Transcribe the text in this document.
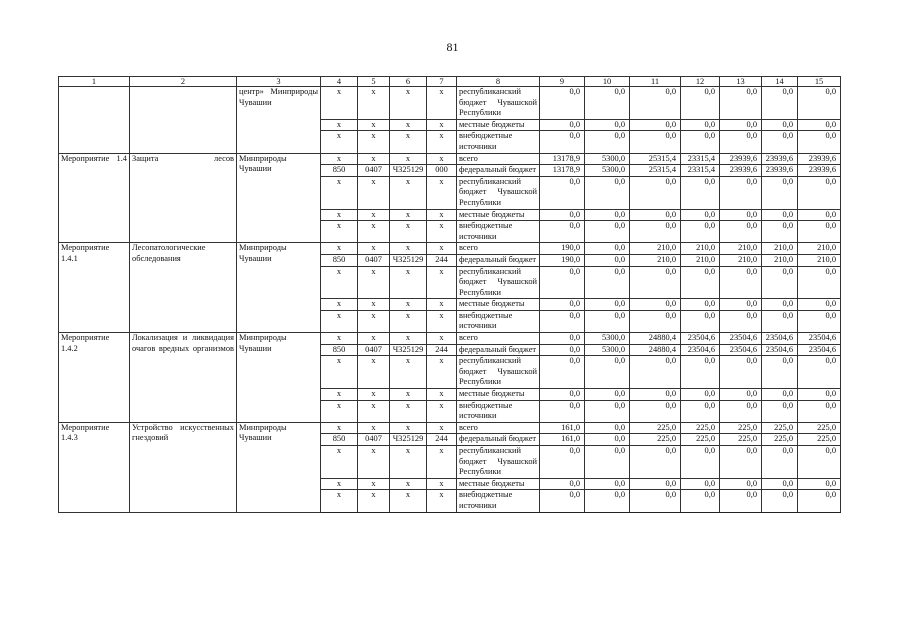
81
1	2	3	4	5	6	7	8	9	10	11	12	13	14	15
		центр» Минприроды Чувашии	х	х	х	х	республиканский бюджет Чувашской Республики	0,0	0,0	0,0	0,0	0,0	0,0	0,0
			х	х	х	х	местные бюджеты	0,0	0,0	0,0	0,0	0,0	0,0	0,0
			х	х	х	х	внебюджетные источники	0,0	0,0	0,0	0,0	0,0	0,0	0,0
Мероприятие 1.4	Защита лесов	Минприроды Чувашии	х	х	х	х	всего	13178,9	5300,0	25315,4	23315,4	23939,6	23939,6	23939,6
			850	0407	Ч325129	000	федеральный бюджет	13178,9	5300,0	25315,4	23315,4	23939,6	23939,6	23939,6
			х	х	х	х	республиканский бюджет Чувашской Республики	0,0	0,0	0,0	0,0	0,0	0,0	0,0
			х	х	х	х	местные бюджеты	0,0	0,0	0,0	0,0	0,0	0,0	0,0
			х	х	х	х	внебюджетные источники	0,0	0,0	0,0	0,0	0,0	0,0	0,0
Мероприятие 1.4.1	Лесопатологические обследования	Минприроды Чувашии	х	х	х	х	всего	190,0	0,0	210,0	210,0	210,0	210,0	210,0
			850	0407	Ч325129	244	федеральный бюджет	190,0	0,0	210,0	210,0	210,0	210,0	210,0
			х	х	х	х	республиканский бюджет Чувашской Республики	0,0	0,0	0,0	0,0	0,0	0,0	0,0
			х	х	х	х	местные бюджеты	0,0	0,0	0,0	0,0	0,0	0,0	0,0
			х	х	х	х	внебюджетные источники	0,0	0,0	0,0	0,0	0,0	0,0	0,0
Мероприятие 1.4.2	Локализация и ликвидация очагов вредных организмов	Минприроды Чувашии	х	х	х	х	всего	0,0	5300,0	24880,4	23504,6	23504,6	23504,6	23504,6
			850	0407	Ч325129	244	федеральный бюджет	0,0	5300,0	24880,4	23504,6	23504,6	23504,6	23504,6
			х	х	х	х	республиканский бюджет Чувашской Республики	0,0	0,0	0,0	0,0	0,0	0,0	0,0
			х	х	х	х	местные бюджеты	0,0	0,0	0,0	0,0	0,0	0,0	0,0
			х	х	х	х	внебюджетные источники	0,0	0,0	0,0	0,0	0,0	0,0	0,0
Мероприятие 1.4.3	Устройство искусственных гнездовий	Минприроды Чувашии	х	х	х	х	всего	161,0	0,0	225,0	225,0	225,0	225,0	225,0
			850	0407	Ч325129	244	федеральный бюджет	161,0	0,0	225,0	225,0	225,0	225,0	225,0
			х	х	х	х	республиканский бюджет Чувашской Республики	0,0	0,0	0,0	0,0	0,0	0,0	0,0
			х	х	х	х	местные бюджеты	0,0	0,0	0,0	0,0	0,0	0,0	0,0
			х	х	х	х	внебюджетные источники	0,0	0,0	0,0	0,0	0,0	0,0	0,0
